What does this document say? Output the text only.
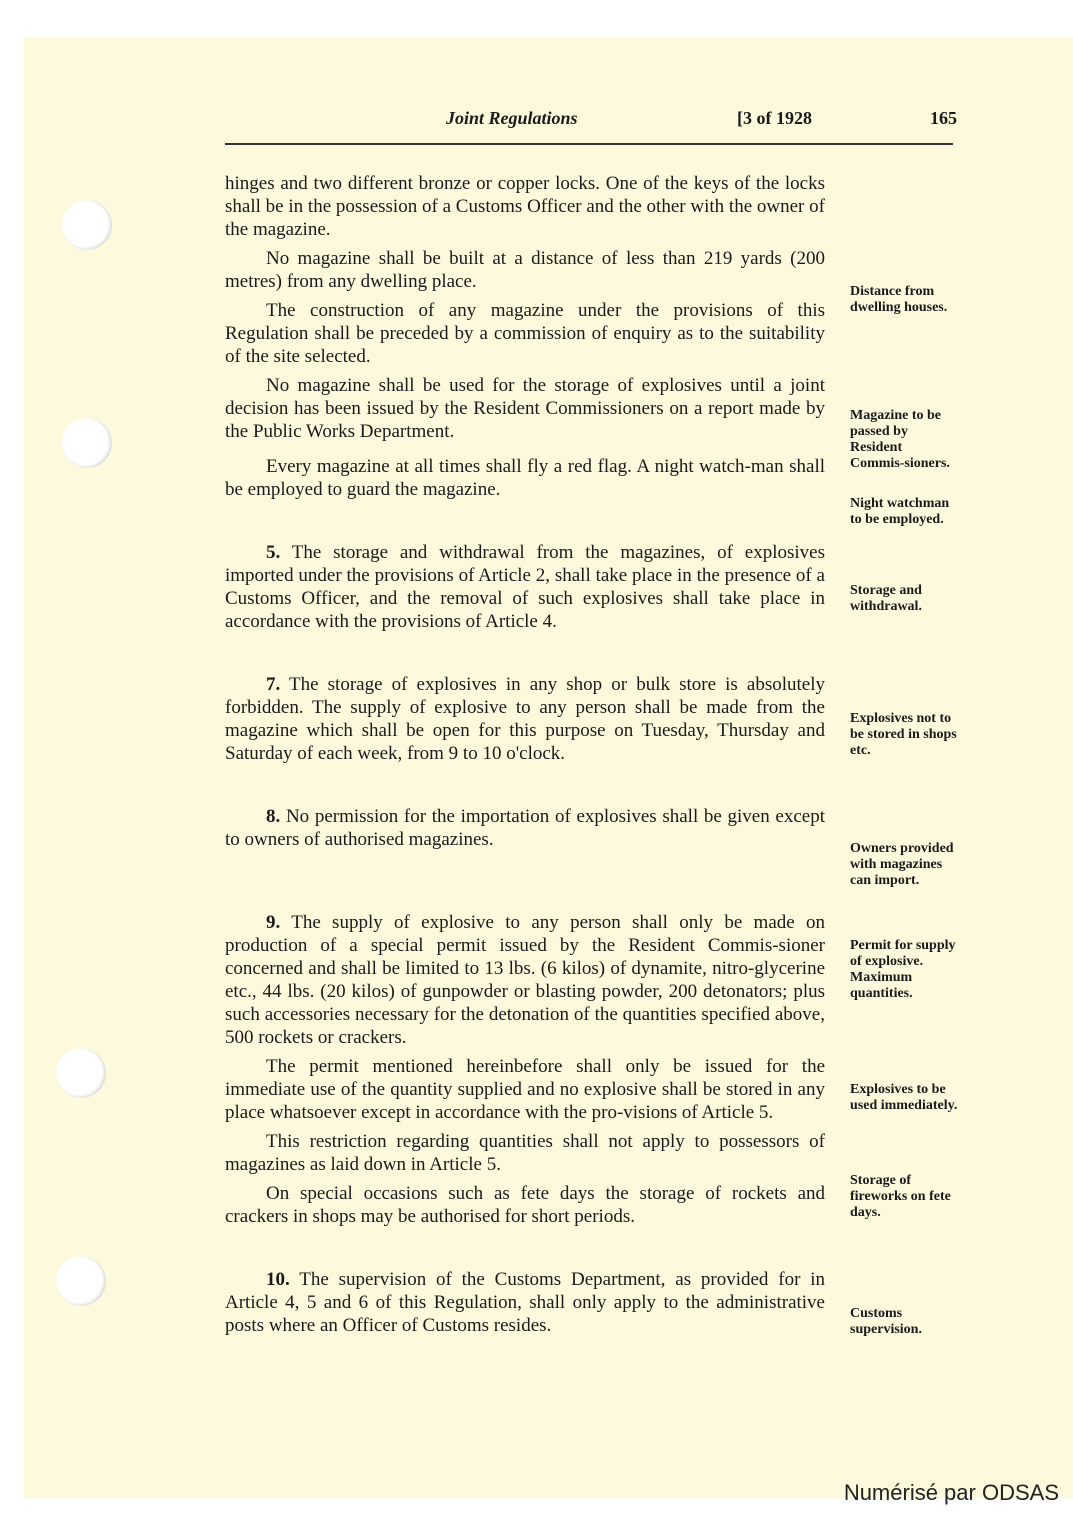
Joint Regulations	[3 of 1928	165

hinges and two different bronze or copper locks. One of the keys of the locks shall be in the possession of a Customs Officer and the other with the owner of the magazine.

No magazine shall be built at a distance of less than 219 yards (200 metres) from any dwelling place.

The construction of any magazine under the provisions of this Regulation shall be preceded by a commission of enquiry as to the suitability of the site selected.

No magazine shall be used for the storage of explosives until a joint decision has been issued by the Resident Commissioners on a report made by the Public Works Department.

Every magazine at all times shall fly a red flag. A night watch-man shall be employed to guard the magazine.

5. The storage and withdrawal from the magazines, of explosives imported under the provisions of Article 2, shall take place in the presence of a Customs Officer, and the removal of such explosives shall take place in accordance with the provisions of Article 4.

7. The storage of explosives in any shop or bulk store is absolutely forbidden. The supply of explosive to any person shall be made from the magazine which shall be open for this purpose on Tuesday, Thursday and Saturday of each week, from 9 to 10 o'clock.

8. No permission for the importation of explosives shall be given except to owners of authorised magazines.

9. The supply of explosive to any person shall only be made on production of a special permit issued by the Resident Commis-sioner concerned and shall be limited to 13 lbs. (6 kilos) of dynamite, nitro-glycerine etc., 44 lbs. (20 kilos) of gunpowder or blasting powder, 200 detonators; plus such accessories necessary for the detonation of the quantities specified above, 500 rockets or crackers.

The permit mentioned hereinbefore shall only be issued for the immediate use of the quantity supplied and no explosive shall be stored in any place whatsoever except in accordance with the pro-visions of Article 5.

This restriction regarding quantities shall not apply to possessors of magazines as laid down in Article 5.

On special occasions such as fete days the storage of rockets and crackers in shops may be authorised for short periods.

10. The supervision of the Customs Department, as provided for in Article 4, 5 and 6 of this Regulation, shall only apply to the administrative posts where an Officer of Customs resides.

Distance from dwelling houses.
Magazine to be passed by Resident Commis-sioners.
Night watchman to be employed.
Storage and withdrawal.
Explosives not to be stored in shops etc.
Owners provided with magazines can import.
Permit for supply of explosive. Maximum quantities.
Explosives to be used immediately.
Storage of fireworks on fete days.
Customs supervision.
Numérisé par ODSAS
